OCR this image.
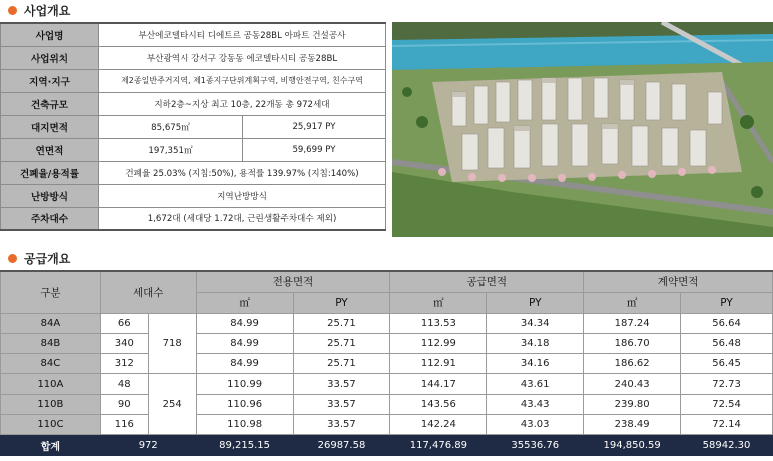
사업개요
사업명	부산에코델타시티 디에트르 공동28BL 아파트 건설공사	
사업위치	부산광역시 강서구 강동동 에코델타시티 공동28BL	
지역·지구	제2종일반주거지역, 제1종지구단위계획구역, 비행안전구역, 친수구역	
건축규모	지하2층~지상 최고 10층, 22개동 총 972세대	
대지면적	85,675㎡	25,917 PY
연면적	197,351㎡	59,699 PY
건폐율/용적률	건폐율 25.03% (지침:50%), 용적률 139.97% (지침:140%)	
난방방식	지역난방방식	
주차대수	1,672대 (세대당 1.72대, 근린생활주차대수 제외)	
공급개요
구분	세대수		전용면적		공급면적		계약면적	
			㎡	PY	㎡	PY	㎡	PY
84A	66	718	84.99	25.71	113.53	34.34	187.24	56.64
84B	340		84.99	25.71	112.99	34.18	186.70	56.48
84C	312		84.99	25.71	112.91	34.16	186.62	56.45
110A	48	254	110.99	33.57	144.17	43.61	240.43	72.73
110B	90		110.96	33.57	143.56	43.43	239.80	72.54
110C	116		110.98	33.57	142.24	43.03	238.49	72.14
합계	972		89,215.15	26987.58	117,476.89	35536.76	194,850.59	58942.30
